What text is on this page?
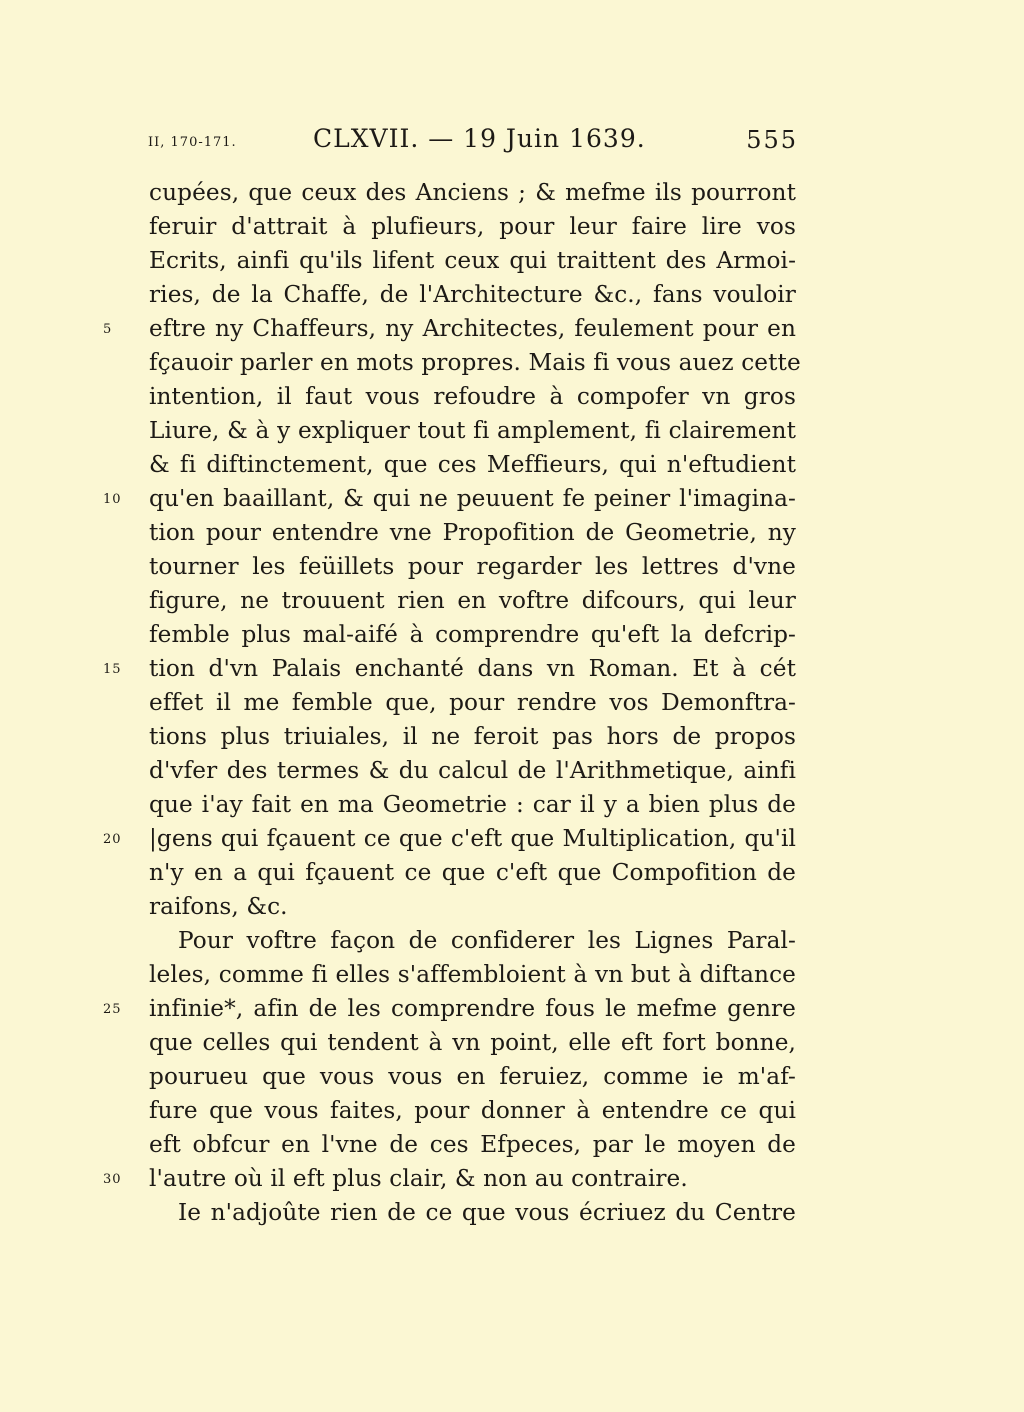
II, 170-171.	CLXVII. — 19 Juin 1639.	555
cupées, que ceux des Anciens ; & mefme ils pourront
feruir d'attrait à plufieurs, pour leur faire lire vos
Ecrits, ainfi qu'ils lifent ceux qui traittent des Armoi-
ries, de la Chaffe, de l'Architecture &c., fans vouloir
5 eftre ny Chaffeurs, ny Architectes, feulement pour en
fçauoir parler en mots propres. Mais fi vous auez cette
intention, il faut vous refoudre à compofer vn gros
Liure, & à y expliquer tout fi amplement, fi clairement
& fi diftinctement, que ces Meffieurs, qui n'eftudient
10 qu'en baaillant, & qui ne peuuent fe peiner l'imagina-
tion pour entendre vne Propofition de Geometrie, ny
tourner les feüillets pour regarder les lettres d'vne
figure, ne trouuent rien en voftre difcours, qui leur
femble plus mal-aifé à comprendre qu'eft la defcrip-
15 tion d'vn Palais enchanté dans vn Roman. Et à cét
effet il me femble que, pour rendre vos Demonftra-
tions plus triuiales, il ne feroit pas hors de propos
d'vfer des termes & du calcul de l'Arithmetique, ainfi
que i'ay fait en ma Geometrie : car il y a bien plus de
20 |gens qui fçauent ce que c'eft que Multiplication, qu'il
n'y en a qui fçauent ce que c'eft que Compofition de
raifons, &c.
Pour voftre façon de confiderer les Lignes Paral-
leles, comme fi elles s'affembloient à vn but à diftance
25 infinie*, afin de les comprendre fous le mefme genre
que celles qui tendent à vn point, elle eft fort bonne,
pourueu que vous vous en feruiez, comme ie m'af-
fure que vous faites, pour donner à entendre ce qui
eft obfcur en l'vne de ces Efpeces, par le moyen de
30 l'autre où il eft plus clair, & non au contraire.
Ie n'adjoûte rien de ce que vous écriuez du Centre
